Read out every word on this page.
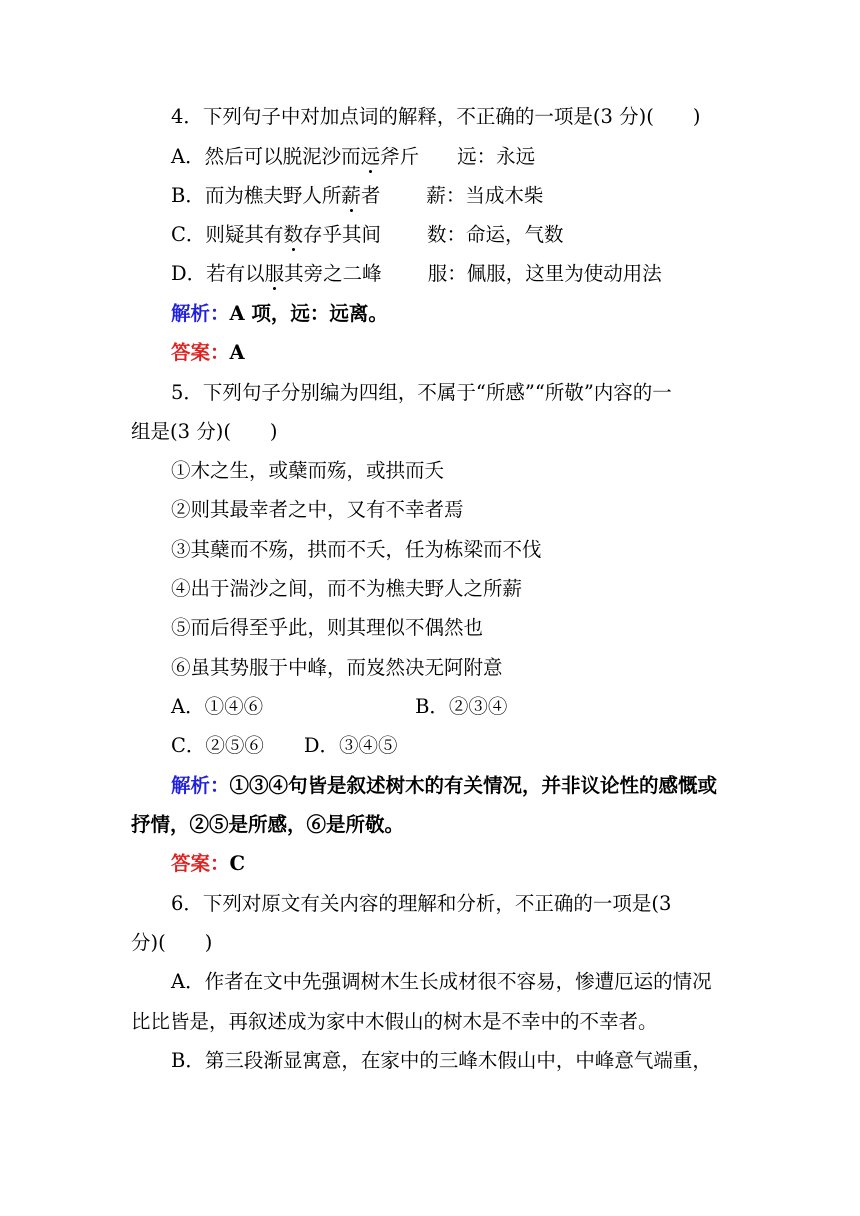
4．下列句子中对加点词的解释，不正确的一项是(3 分)(　　)
A．然后可以脱泥沙而远斧斤 远：永远
B．而为樵夫野人所薪者 薪：当成木柴
C．则疑其有数存乎其间 数：命运，气数
D．若有以服其旁之二峰 服：佩服，这里为使动用法
解析：A 项，远：远离。
答案：A
5．下列句子分别编为四组，不属于“所感”“所敬”内容的一
组是(3 分)(　　)
①木之生，或蘖而殇，或拱而夭
②则其最幸者之中，又有不幸者焉
③其蘖而不殇，拱而不夭，任为栋梁而不伐
④出于湍沙之间，而不为樵夫野人之所薪
⑤而后得至乎此，则其理似不偶然也
⑥虽其势服于中峰，而岌然决无阿附意
A．①④⑥	B．②③④
C．②⑤⑥ D．③④⑤
解析：①③④句皆是叙述树木的有关情况，并非议论性的感慨或
抒情，②⑤是所感，⑥是所敬。
答案：C
6．下列对原文有关内容的理解和分析，不正确的一项是(3
分)(　　)
A．作者在文中先强调树木生长成材很不容易，惨遭厄运的情况
比比皆是，再叙述成为家中木假山的树木是不幸中的不幸者。
B．第三段渐显寓意，在家中的三峰木假山中，中峰意气端重，
